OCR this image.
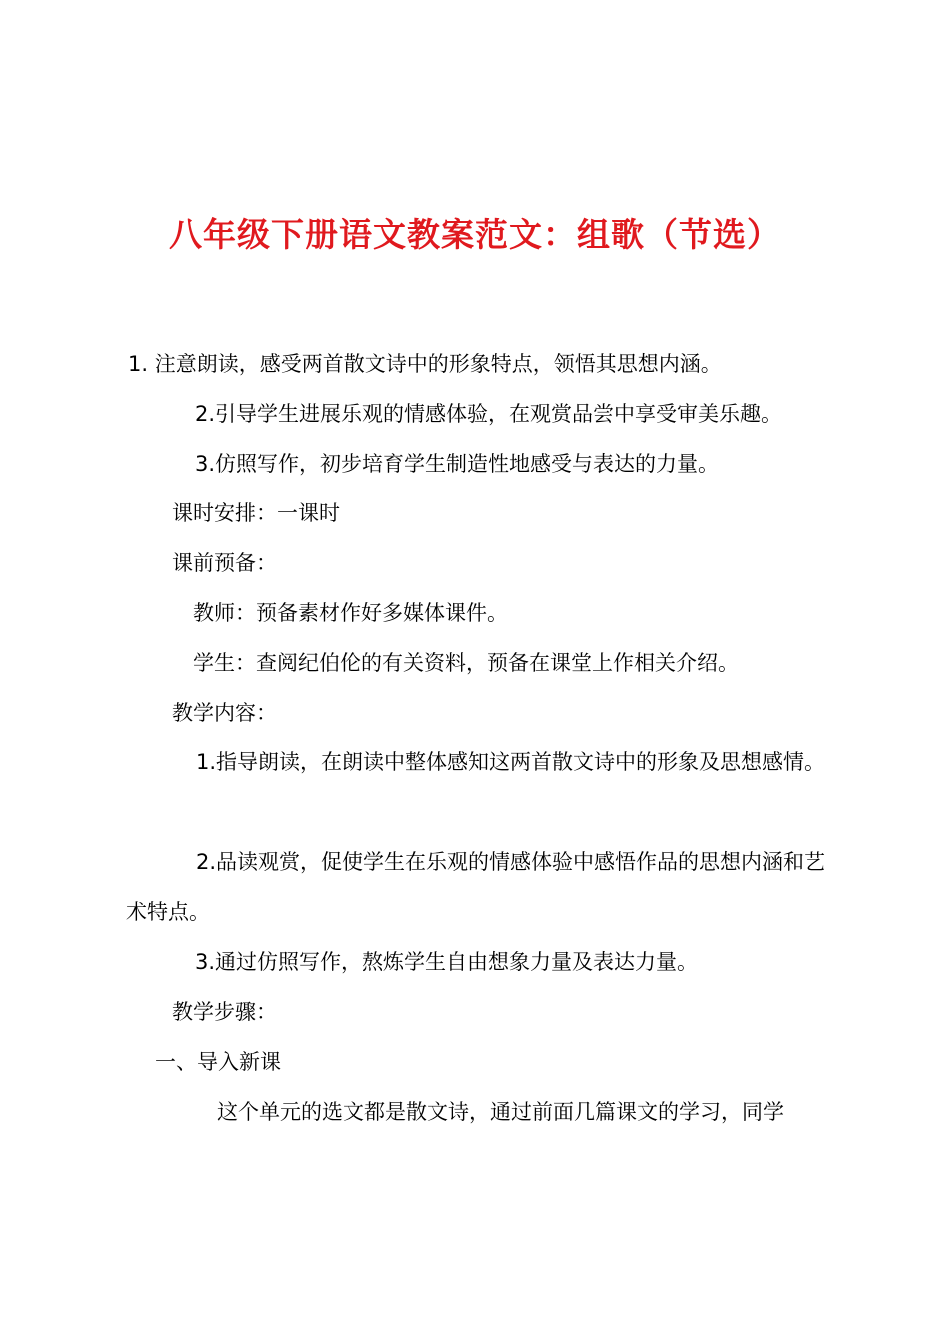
八年级下册语文教案范文：组歌（节选）

1. 注意朗读，感受两首散文诗中的形象特点，领悟其思想内涵。

2.引导学生进展乐观的情感体验，在观赏品尝中享受审美乐趣。

3.仿照写作，初步培育学生制造性地感受与表达的力量。

课时安排：一课时

课前预备：

教师：预备素材作好多媒体课件。

学生：查阅纪伯伦的有关资料，预备在课堂上作相关介绍。

教学内容：

1.指导朗读，在朗读中整体感知这两首散文诗中的形象及思想感情。

2.品读观赏，促使学生在乐观的情感体验中感悟作品的思想内涵和艺术特点。

3.通过仿照写作，熬炼学生自由想象力量及表达力量。

教学步骤：

一、导入新课

这个单元的选文都是散文诗，通过前面几篇课文的学习，同学
